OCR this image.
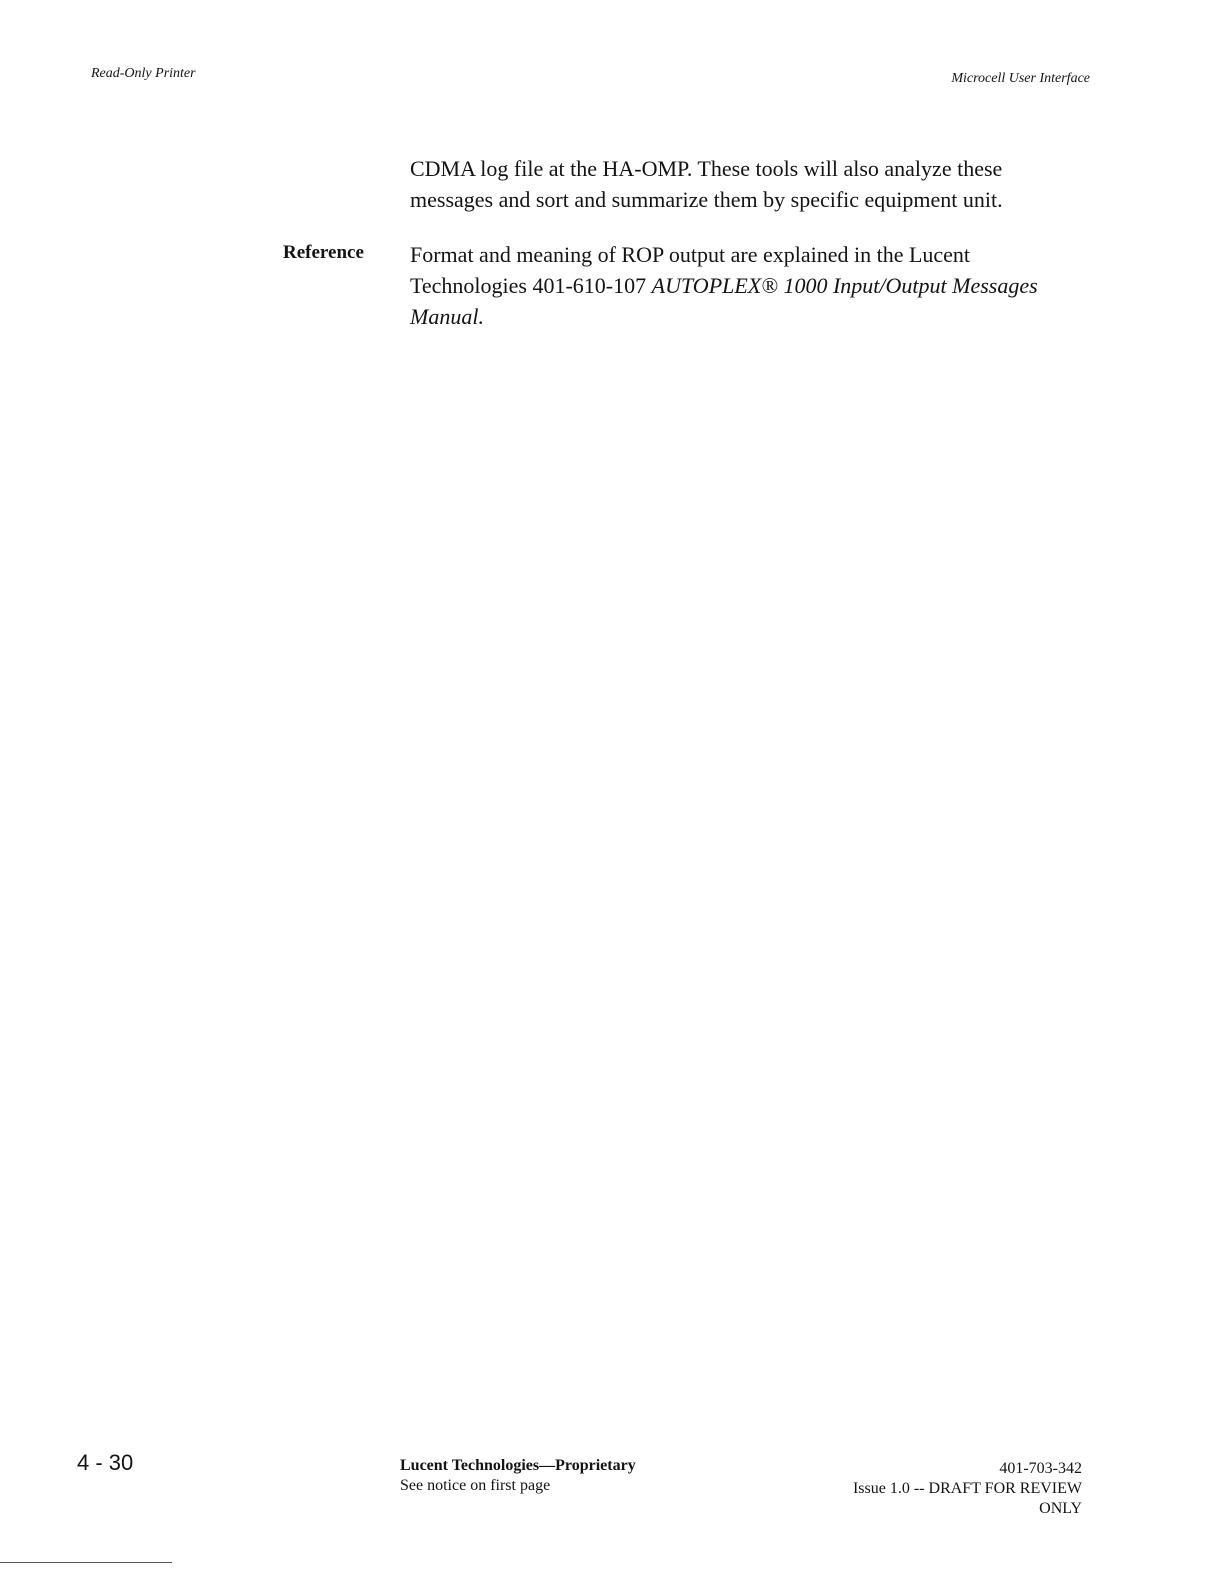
Read-Only Printer	Microcell User Interface
CDMA log file at the HA-OMP. These tools will also analyze these
messages and sort and summarize them by specific equipment unit.
Reference Format and meaning of ROP output are explained in the Lucent
Technologies 401-610-107 AUTOPLEX® 1000 Input/Output Messages
Manual.
4 - 30	Lucent Technologies—Proprietary
See notice on first page
401-703-342
Issue 1.0 -- DRAFT FOR REVIEW
ONLY
